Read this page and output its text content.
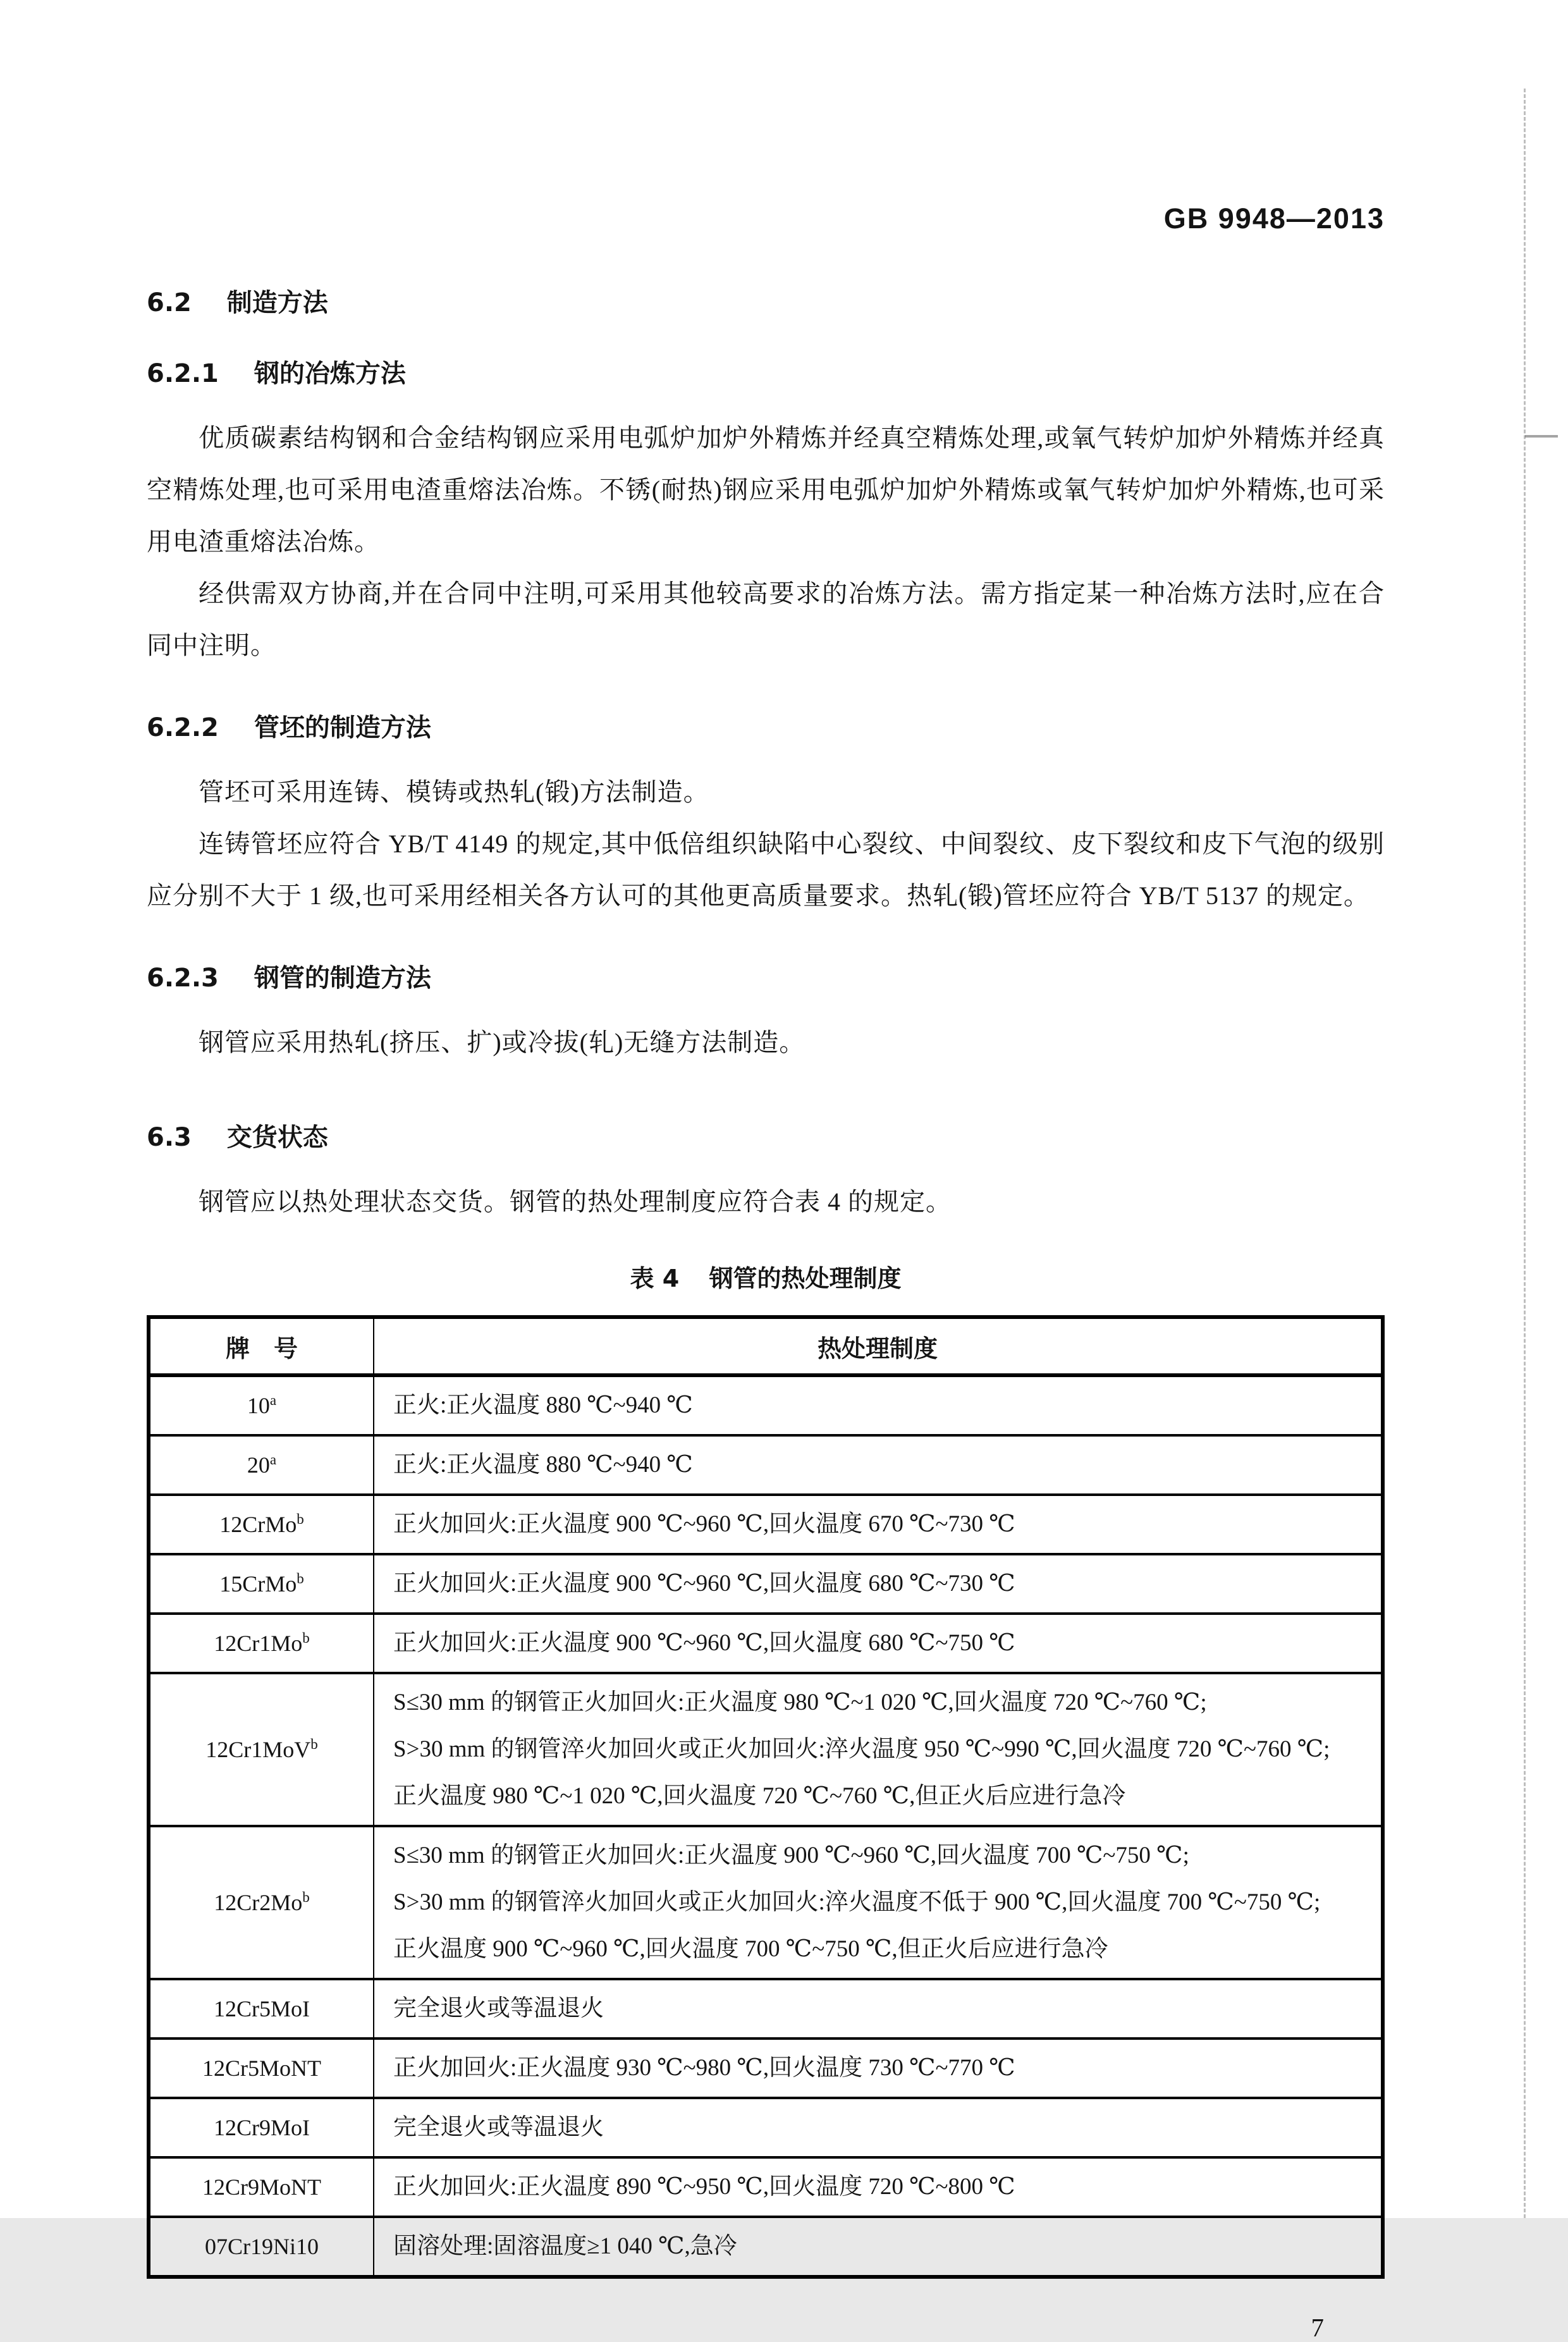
GB 9948—2013
6.2 制造方法
6.2.1 钢的冶炼方法
优质碳素结构钢和合金结构钢应采用电弧炉加炉外精炼并经真空精炼处理,或氧气转炉加炉外精炼并经真空精炼处理,也可采用电渣重熔法冶炼。不锈(耐热)钢应采用电弧炉加炉外精炼或氧气转炉加炉外精炼,也可采用电渣重熔法冶炼。
经供需双方协商,并在合同中注明,可采用其他较高要求的冶炼方法。需方指定某一种冶炼方法时,应在合同中注明。
6.2.2 管坯的制造方法
管坯可采用连铸、模铸或热轧(锻)方法制造。
连铸管坯应符合 YB/T 4149 的规定,其中低倍组织缺陷中心裂纹、中间裂纹、皮下裂纹和皮下气泡的级别应分别不大于 1 级,也可采用经相关各方认可的其他更高质量要求。热轧(锻)管坯应符合 YB/T 5137 的规定。
6.2.3 钢管的制造方法
钢管应采用热轧(挤压、扩)或冷拔(轧)无缝方法制造。
6.3 交货状态
钢管应以热处理状态交货。钢管的热处理制度应符合表 4 的规定。
表 4 钢管的热处理制度
牌　号	热处理制度
10$^a$	正火:正火温度 880 ℃~940 ℃

20$^a$	正火:正火温度 880 ℃~940 ℃

12CrMo$^b$	正火加回火:正火温度 900 ℃~960 ℃,回火温度 670 ℃~730 ℃

15CrMo$^b$	正火加回火:正火温度 900 ℃~960 ℃,回火温度 680 ℃~730 ℃

12Cr1Mo$^b$	正火加回火:正火温度 900 ℃~960 ℃,回火温度 680 ℃~750 ℃

12Cr1MoV$^b$	S≤30 mm 的钢管正火加回火:正火温度 980 ℃~1 020 ℃,回火温度 720 ℃~760 ℃;
S>30 mm 的钢管淬火加回火或正火加回火:淬火温度 950 ℃~990 ℃,回火温度 720 ℃~760 ℃;
正火温度 980 ℃~1 020 ℃,回火温度 720 ℃~760 ℃,但正火后应进行急冷

12Cr2Mo$^b$	S≤30 mm 的钢管正火加回火:正火温度 900 ℃~960 ℃,回火温度 700 ℃~750 ℃;
S>30 mm 的钢管淬火加回火或正火加回火:淬火温度不低于 900 ℃,回火温度 700 ℃~750 ℃;
正火温度 900 ℃~960 ℃,回火温度 700 ℃~750 ℃,但正火后应进行急冷

12Cr5MoI	完全退火或等温退火

12Cr5MoNT	正火加回火:正火温度 930 ℃~980 ℃,回火温度 730 ℃~770 ℃

12Cr9MoI	完全退火或等温退火

12Cr9MoNT	正火加回火:正火温度 890 ℃~950 ℃,回火温度 720 ℃~800 ℃

07Cr19Ni10	固溶处理:固溶温度≥1 040 ℃,急冷
7
